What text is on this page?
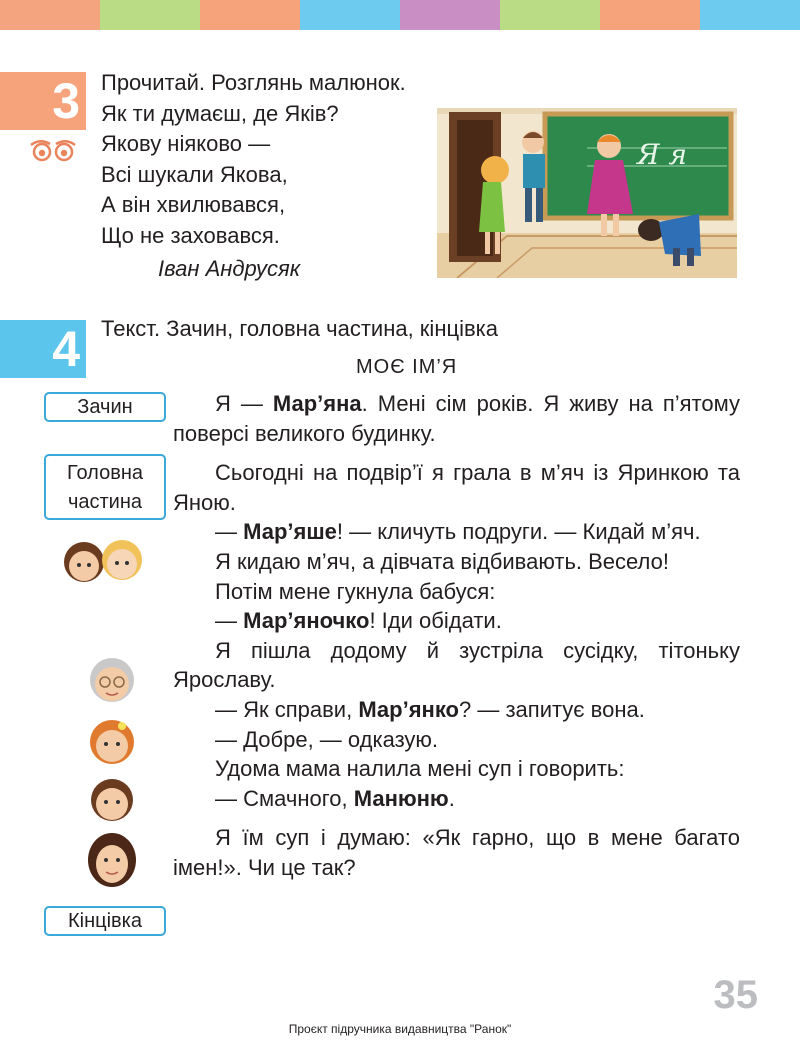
3 Прочитай. Розглянь малюнок.
Як ти думаєш, де Яків?
Якову ніяково —
Всі шукали Якова,
А він хвилювався,
Що не заховався.
Іван Андрусяк
Я я
4 Текст. Зачин, головна частина, кінцівка
МОЄ ІМ’Я
Зачин
Головна
частина
Кінцівка

Я — Мар’яна. Мені сім років. Я живу на п’ятому поверсі великого будинку.

Сьогодні на подвір’ї я грала в м’яч із Яринкою та Яною.

— Мар’яше! — кличуть подруги. — Кидай м’яч.

Я кидаю м’яч, а дівчата відбивають. Весело!

Потім мене гукнула бабуся:

— Мар’яночко! Іди обідати.

Я пішла додому й зустріла сусідку, тітоньку Ярославу.

— Як справи, Мар’янко? — запитує вона.

— Добре, — одказую.

Удома мама налила мені суп і говорить:

— Смачного, Манюню.

Я їм суп і думаю: «Як гарно, що в мене багато імен!». Чи це так?

35
Проєкт підручника видавництва "Ранок"
